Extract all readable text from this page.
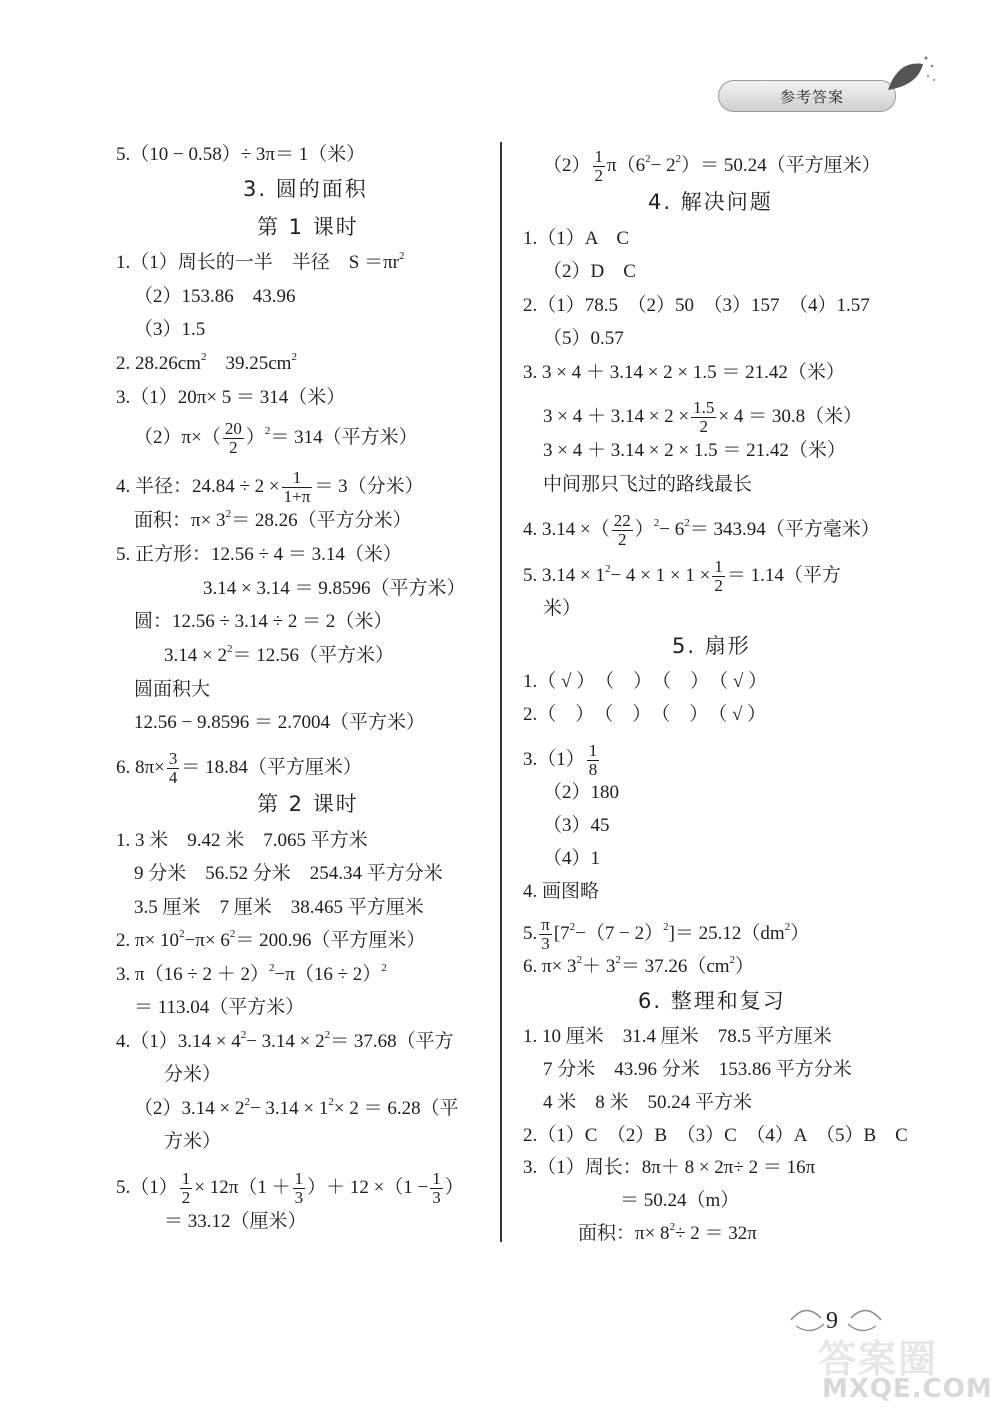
参考答案
5.（10 − 0.58）÷ 3π＝ 1（米）
3. 圆的面积
第 1 课时
1.（1）周长的一半　半径　$S =\pi r^2$
（2）153.86　43.96
（3）1.5
2. $28.26cm^2$　$39.25cm^2$
3.（1）20π× 5 ＝ 314（米）
$(2)\pi\times( \frac{20}{2} )^2= 314$（平方米）
4. 半径：$24.84 \div 2 \times \frac{1}{1+\pi} = 3$（分米）
面积：$\pi\times 3^2= 28.26$（平方分米）
5. 正方形：12.56 ÷ 4 ＝ 3.14（米）
3.14 × 3.14 ＝ 9.8596（平方米）
圆：12.56 ÷ 3.14 ÷ 2 ＝ 2（米）
$3.14 \times 2^2= 12.56$（平方米）
圆面积大
12.56 − 9.8596 ＝ 2.7004（平方米）
6. $8\pi\times \frac{3}{4} = 18.84$（平方厘米）
第 2 课时
1. 3 米　9.42 米　7.065 平方米
9 分米　56.52 分米　254.34 平方分米
3.5 厘米　7 厘米　38.465 平方厘米
2. $\pi\times 10^2-\pi\times 6^2= 200.96$（平方厘米）
3. $\pi(16 \div 2 + 2)^2-\pi(16 \div 2)^2$
＝ 113.04（平方米）
$4.(1)3.14 \times 4^2- 3.14 \times 2^2= 37.68$（平方
分米）
$(2)3.14 \times 2^2- 3.14 \times 1^2\times 2 = 6.28$（平
方米）
$5.(1) \frac{1}{2} \times 12\pi(1 + \frac{1}{3}$ ）＋ $12 \times(1 - \frac{1}{3}$ ）
＝ 33.12（厘米）
$(2) \frac{1}{2} \pi(6^2- 2^2)= 50.24$（平方厘米）
4. 解决问题
1.（1）A　C
（2）D　C
2.（1）78.5　（2）50　（3）157　（4）1.57
（5）0.57
3. 3 × 4 ＋ 3.14 × 2 × 1.5 ＝ 21.42（米）
$3 \times 4 + 3.14 \times 2 \times \frac{1.5}{2} \times 4 = 30.8$（米）
3 × 4 ＋ 3.14 × 2 × 1.5 ＝ 21.42（米）
中间那只飞过的路线最长
4. 3.14 ×（ $\frac{22}{2} )^2- 6^2= 343.94$（平方毫米）
5. $3.14 \times 1^2- 4 \times 1 \times 1 \times \frac{1}{2} = 1.14$（平方
米）
5. 扇形
1.（ √ ）　（　）　（　）　（ √ ）
2.（　）　（　）　（　）　（ √ ）
$3.(1) \frac{1}{8}$
（2）180
（3）45
（4）1
4. 画图略
5. $\frac{\pi}{3} [7^2-(7 - 2)^2]= 25.12(dm^2)$
6. $\pi\times 3^2+ 3^2= 37.26(cm^2)$
6. 整理和复习
1. 10 厘米　31.4 厘米　78.5 平方厘米
7 分米　43.96 分米　153.86 平方分米
4 米　8 米　50.24 平方米
2.（1）C　（2）B　（3）C　（4）A　（5）B　C
3.（1）周长：8π＋ 8 × 2π÷ 2 ＝ 16π
＝ 50.24（m）
面积：$\pi\times 8^2\div 2 = 32\pi$
9
答案圈
MXQE.COM
